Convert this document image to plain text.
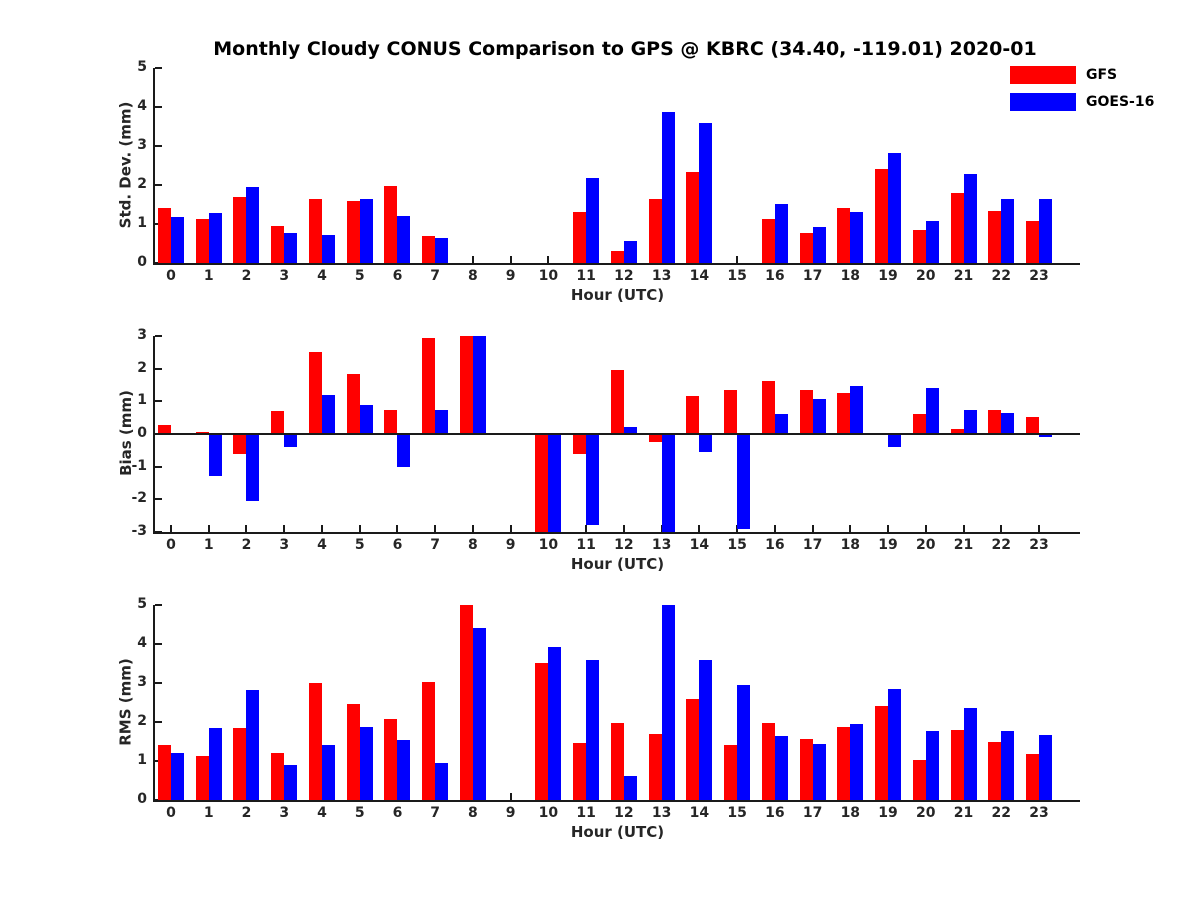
Monthly Cloudy CONUS Comparison to GPS @ KBRC (34.40, -119.01) 2020-01
GFS
GOES-16
Std. Dev. (mm)
Bias (mm)
RMS (mm)
Hour (UTC)
Hour (UTC)
Hour (UTC)
0	1	2	3	4	5	6	7	8	9	10	11	12	13	14	15	16	17	18	19	20	21	22	23
0
1
2
3
4
5
0	1	2	3	4	5	6	7	8	9	10	11	12	13	14	15	16	17	18	19	20	21	22	23
-3
-2
-1
0
1
2
3
0	1	2	3	4	5	6	7	8	9	10	11	12	13	14	15	16	17	18	19	20	21	22	23
0
1
2
3
4
5
